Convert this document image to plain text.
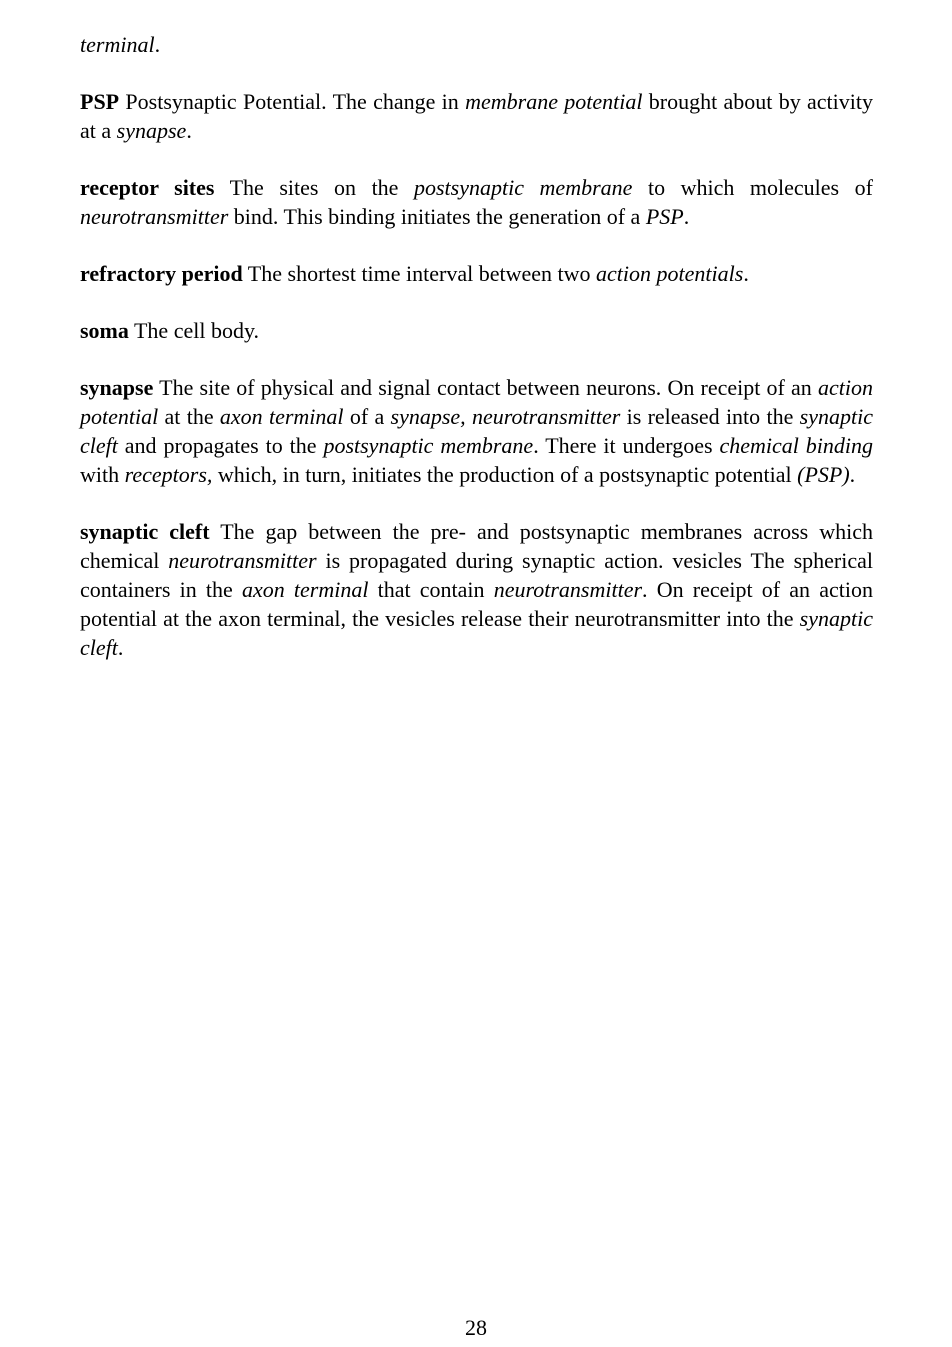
terminal.

PSP Postsynaptic Potential. The change in membrane potential brought about by activity at a synapse.

receptor sites The sites on the postsynaptic membrane to which molecules of neurotransmitter bind. This binding initiates the generation of a PSP.

refractory period The shortest time interval between two action potentials.

soma The cell body.

synapse The site of physical and signal contact between neurons. On receipt of an action potential at the axon terminal of a synapse, neurotransmitter is released into the synaptic cleft and propagates to the postsynaptic membrane. There it undergoes chemical binding with receptors, which, in turn, initiates the production of a postsynaptic potential (PSP).

synaptic cleft The gap between the pre- and postsynaptic membranes across which chemical neurotransmitter is propagated during synaptic action. vesicles The spherical containers in the axon terminal that contain neurotransmitter. On receipt of an action potential at the axon terminal, the vesicles release their neurotransmitter into the synaptic cleft.

28
